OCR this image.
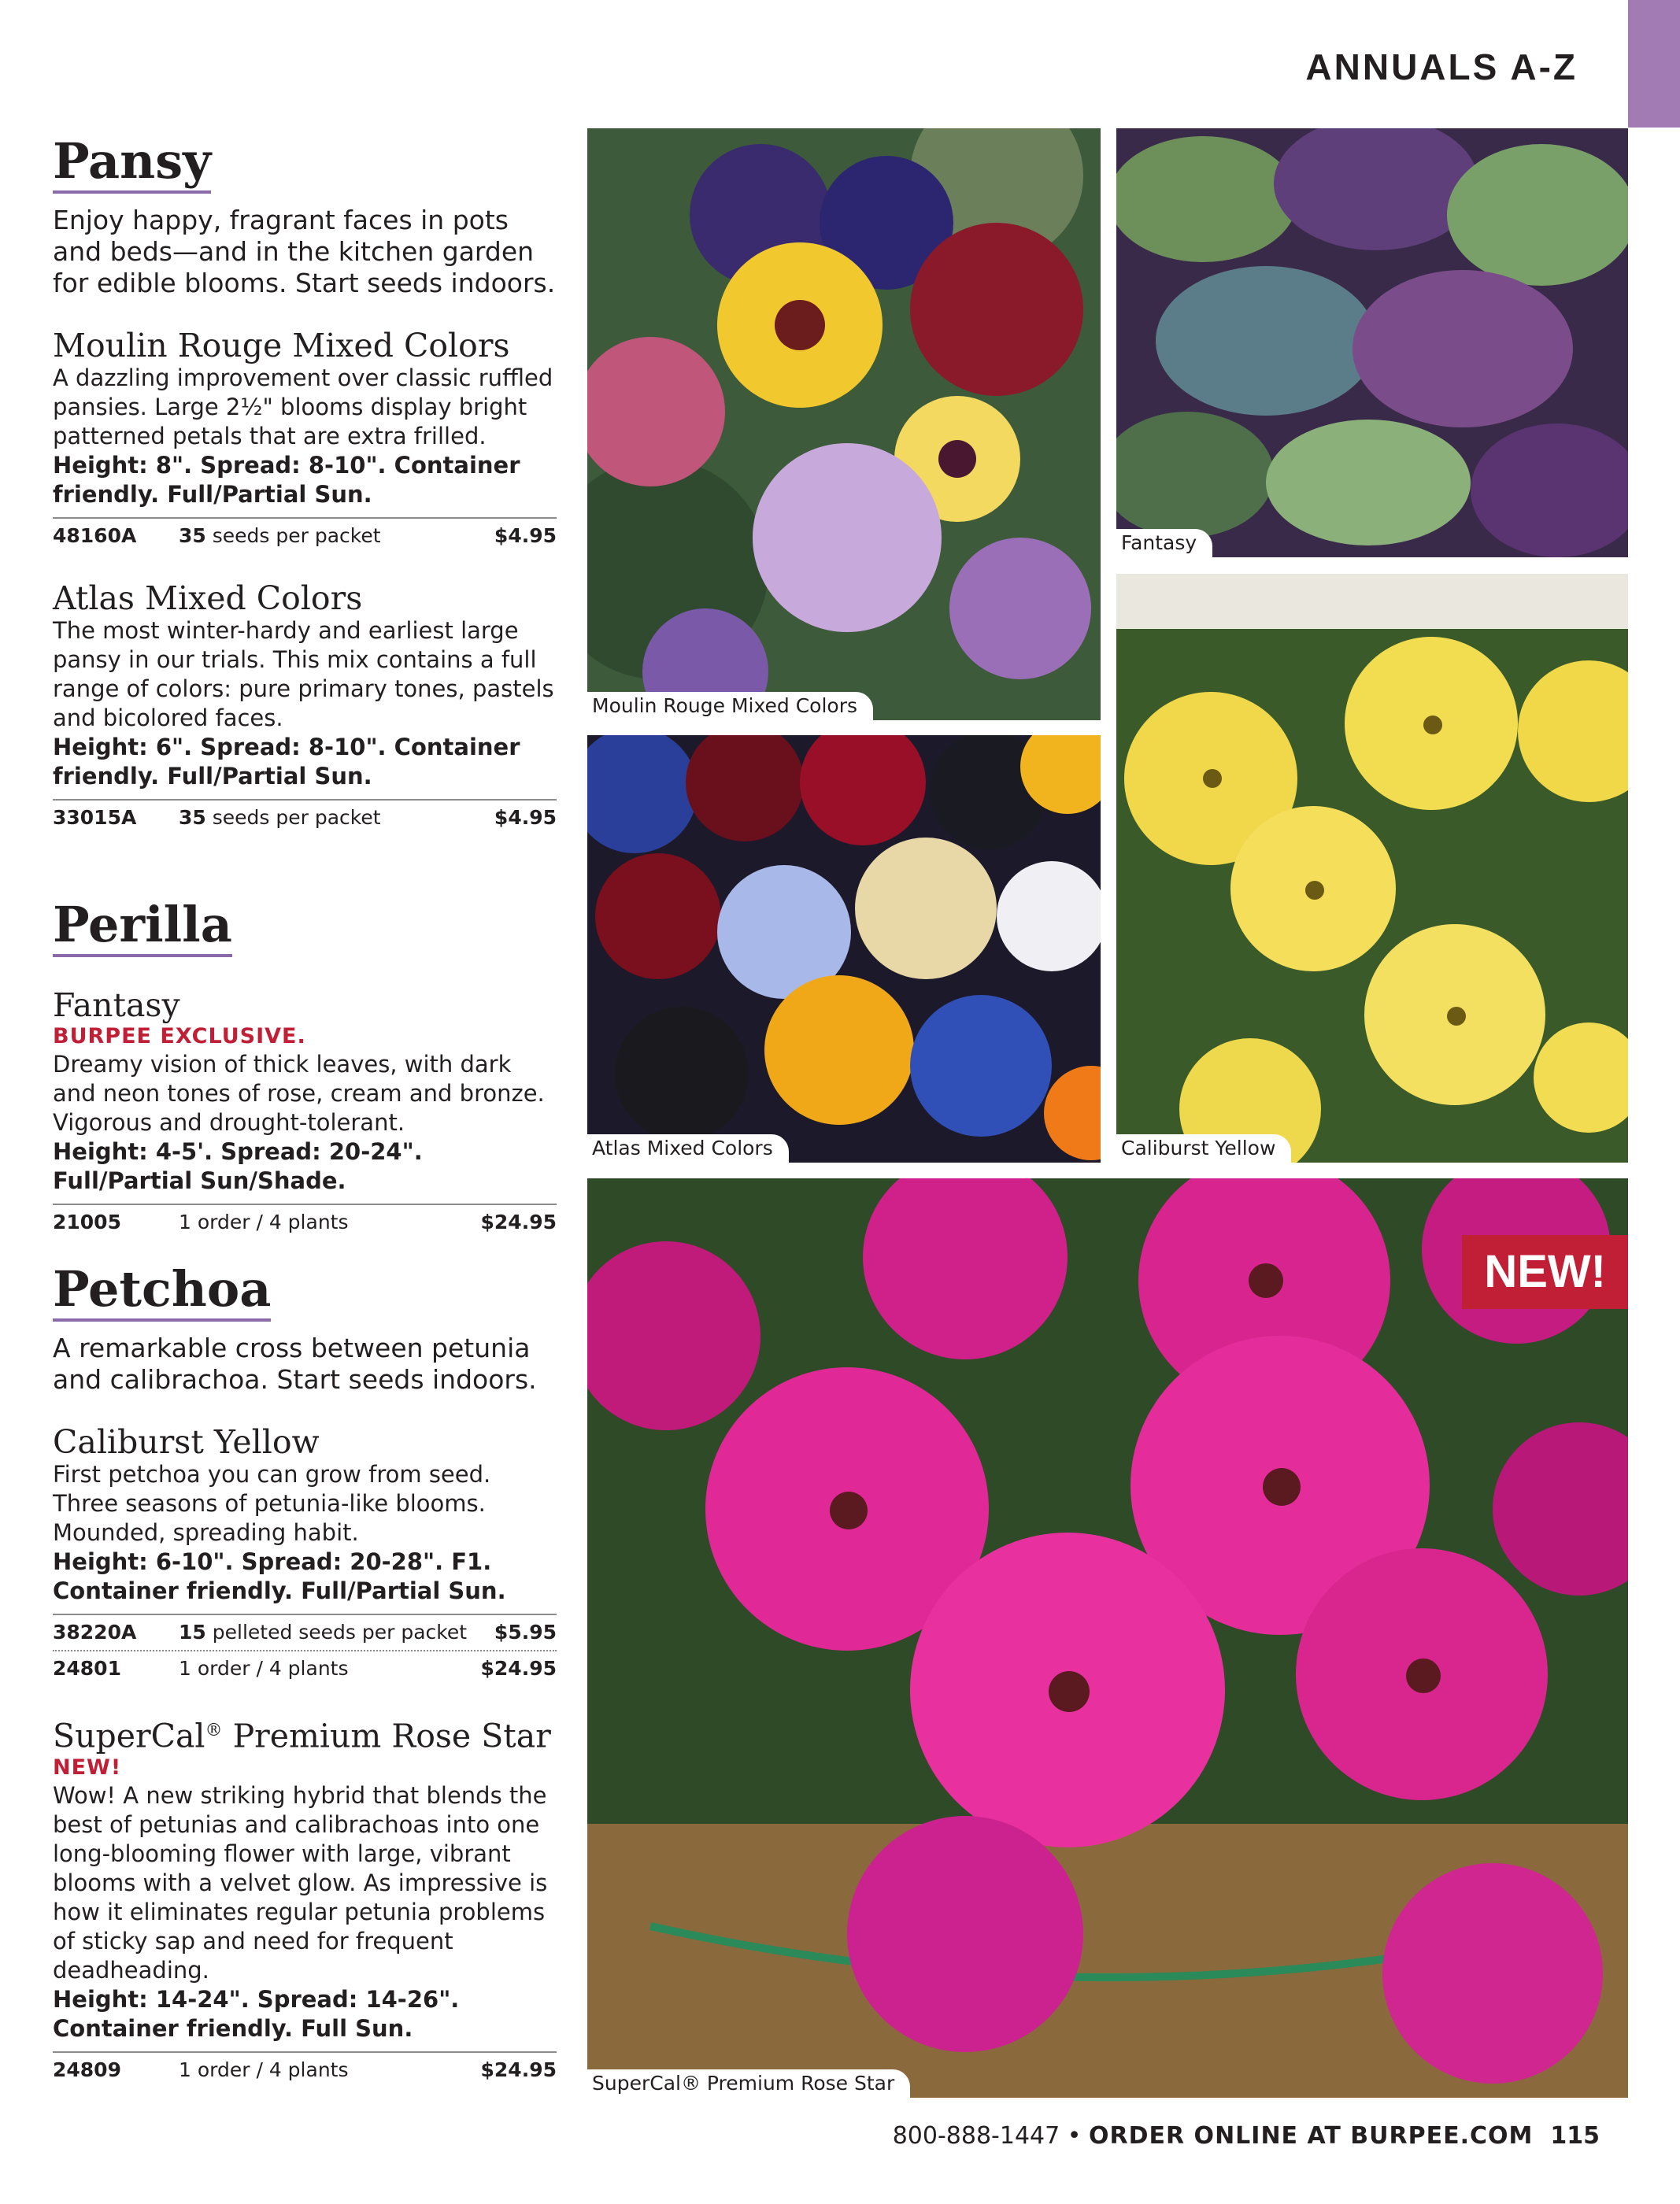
ANNUALS A-Z
Pansy
Enjoy happy, fragrant faces in pots and beds—and in the kitchen garden for edible blooms. Start seeds indoors.
Moulin Rouge Mixed Colors
A dazzling improvement over classic ruffled pansies. Large 2½" blooms display bright patterned petals that are extra frilled.
Height: 8". Spread: 8-10". Container friendly. Full/Partial Sun.
48160A 35 seeds per packet	$4.95
Atlas Mixed Colors
The most winter-hardy and earliest large pansy in our trials. This mix contains a full range of colors: pure primary tones, pastels and bicolored faces.
Height: 6". Spread: 8-10". Container friendly. Full/Partial Sun.
33015A 35 seeds per packet	$4.95
Perilla
Fantasy
BURPEE EXCLUSIVE.
Dreamy vision of thick leaves, with dark and neon tones of rose, cream and bronze. Vigorous and drought-tolerant.
Height: 4-5'. Spread: 20-24". Full/Partial Sun/Shade.
21005	1 order / 4 plants	$24.95
Petchoa
A remarkable cross between petunia and calibrachoa. Start seeds indoors.
Caliburst Yellow
First petchoa you can grow from seed. Three seasons of petunia-like blooms. Mounded, spreading habit.
Height: 6-10". Spread: 20-28". F1. Container friendly. Full/Partial Sun.
38220A 15 pelleted seeds per packet $5.95
24801	1 order / 4 plants	$24.95
SuperCal® Premium Rose Star
NEW!
Wow! A new striking hybrid that blends the best of petunias and calibrachoas into one long-blooming flower with large, vibrant blooms with a velvet glow. As impressive is how it eliminates regular petunia problems of sticky sap and need for frequent deadheading.
Height: 14-24". Spread: 14-26". Container friendly. Full Sun.
24809	1 order / 4 plants	$24.95
Moulin Rouge Mixed Colors
Fantasy
Atlas Mixed Colors	Caliburst Yellow
NEW!
SuperCal® Premium Rose Star
800-888-1447 • ORDER ONLINE AT BURPEE.COM 115
